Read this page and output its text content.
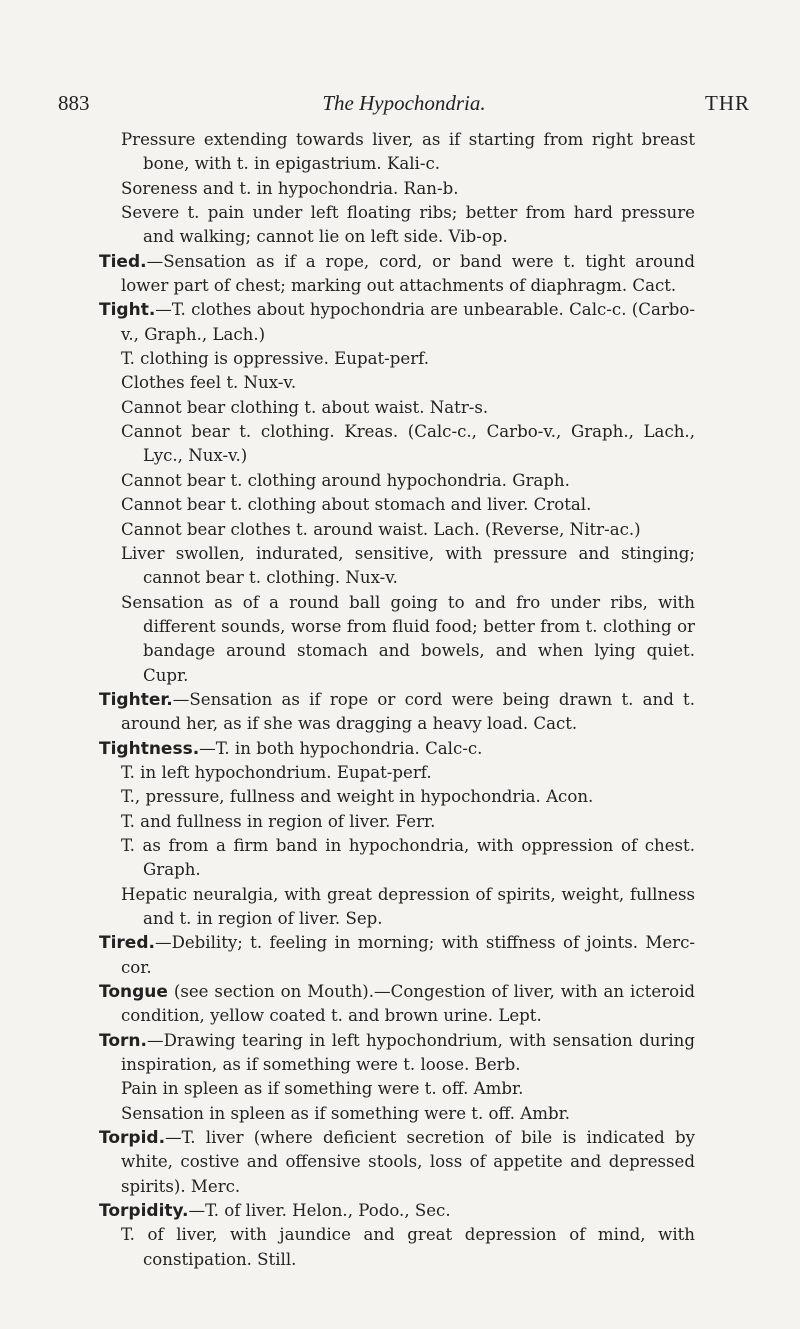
883	The Hypochondria.	THR

Pressure extending towards liver, as if starting from right breast bone, with t. in epigastrium. Kali-c.

Soreness and t. in hypochondria. Ran-b.

Severe t. pain under left floating ribs; better from hard pressure and walking; cannot lie on left side. Vib-op.

Tied.—Sensation as if a rope, cord, or band were t. tight around lower part of chest; marking out attachments of diaphragm. Cact.

Tight.—T. clothes about hypochondria are unbearable. Calc-c. (Carbo-v., Graph., Lach.)

T. clothing is oppressive. Eupat-perf.

Clothes feel t. Nux-v.

Cannot bear clothing t. about waist. Natr-s.

Cannot bear t. clothing. Kreas. (Calc-c., Carbo-v., Graph., Lach., Lyc., Nux-v.)

Cannot bear t. clothing around hypochondria. Graph.

Cannot bear t. clothing about stomach and liver. Crotal.

Cannot bear clothes t. around waist. Lach. (Reverse, Nitr-ac.)

Liver swollen, indurated, sensitive, with pressure and stinging; cannot bear t. clothing. Nux-v.

Sensation as of a round ball going to and fro under ribs, with different sounds, worse from fluid food; better from t. clothing or bandage around stomach and bowels, and when lying quiet. Cupr.

Tighter.—Sensation as if rope or cord were being drawn t. and t. around her, as if she was dragging a heavy load. Cact.

Tightness.—T. in both hypochondria. Calc-c.

T. in left hypochondrium. Eupat-perf.

T., pressure, fullness and weight in hypochondria. Acon.

T. and fullness in region of liver. Ferr.

T. as from a firm band in hypochondria, with oppression of chest. Graph.

Hepatic neuralgia, with great depression of spirits, weight, fullness and t. in region of liver. Sep.

Tired.—Debility; t. feeling in morning; with stiffness of joints. Merc-cor.

Tongue (see section on Mouth).—Congestion of liver, with an icteroid condition, yellow coated t. and brown urine. Lept.

Torn.—Drawing tearing in left hypochondrium, with sensation during inspiration, as if something were t. loose. Berb.

Pain in spleen as if something were t. off. Ambr.

Sensation in spleen as if something were t. off. Ambr.

Torpid.—T. liver (where deficient secretion of bile is indicated by white, costive and offensive stools, loss of appetite and depressed spirits). Merc.

Torpidity.—T. of liver. Helon., Podo., Sec.

T. of liver, with jaundice and great depression of mind, with constipation. Still.
